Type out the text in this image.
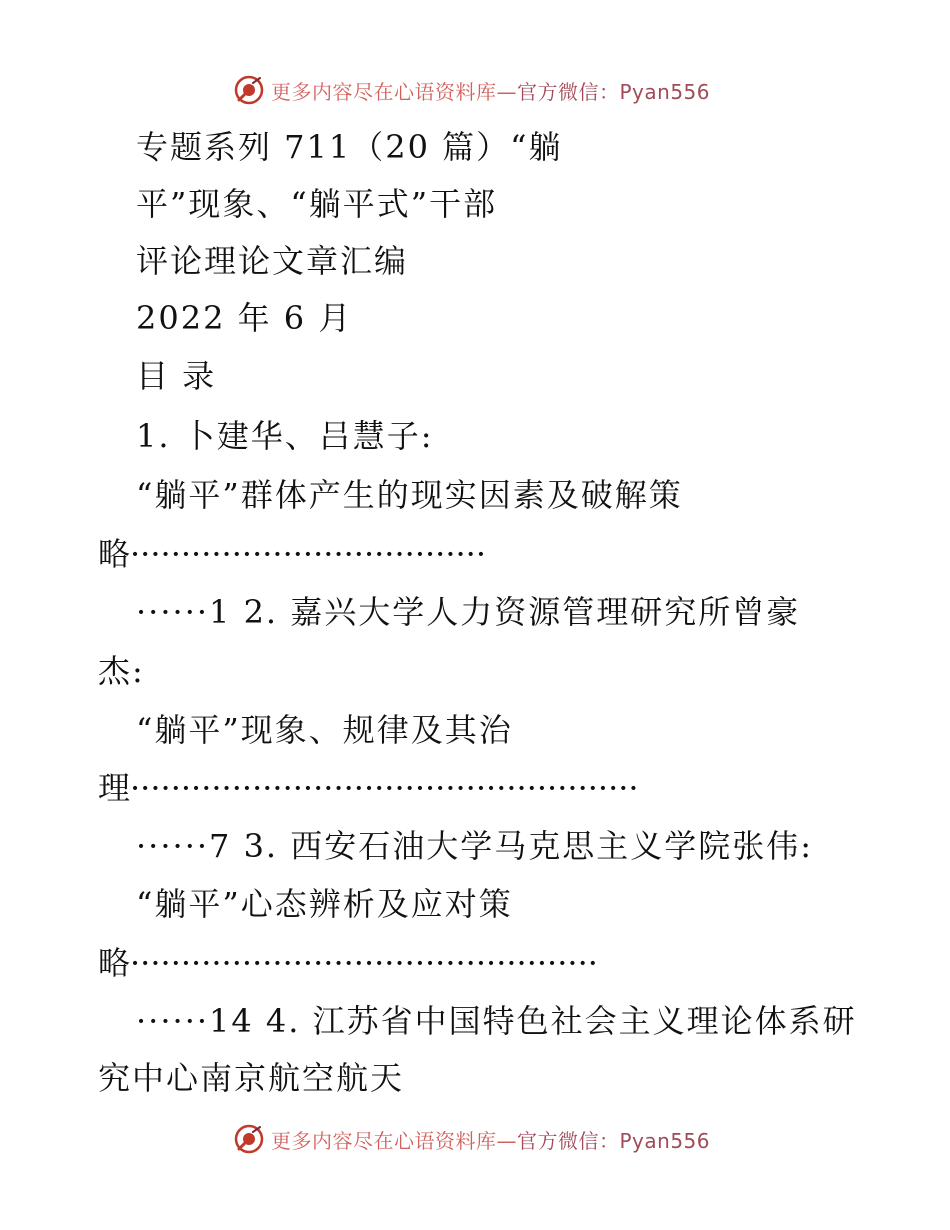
更多内容尽在心语资料库—官方微信：Pyan556
专题系列 711（20 篇）“躺
平”现象、“躺平式”干部
评论理论文章汇编
2022 年 6 月
目 录
1. 卜建华、吕慧子:
“躺平”群体产生的现实因素及破解策
略···································
······1 2. 嘉兴大学人力资源管理研究所曾豪
杰:
“躺平”现象、规律及其治
理··················································
······7 3. 西安石油大学马克思主义学院张伟:
“躺平”心态辨析及应对策
略··············································
······14 4. 江苏省中国特色社会主义理论体系研
究中心南京航空航天
更多内容尽在心语资料库—官方微信：Pyan556
